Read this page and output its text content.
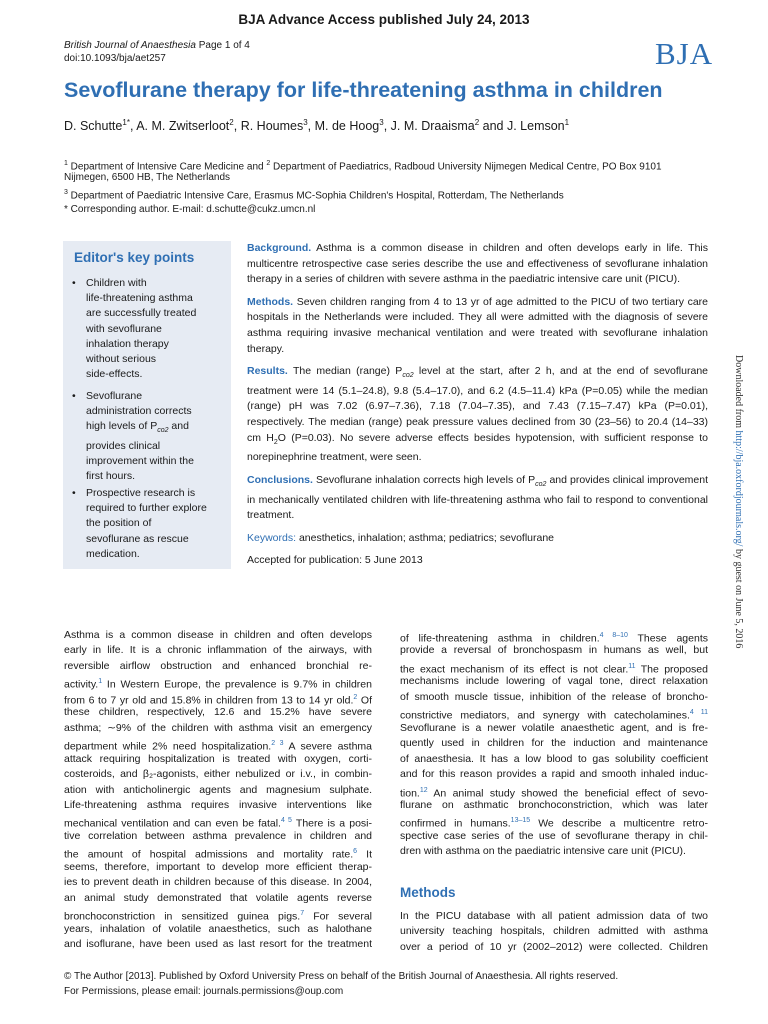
BJA Advance Access published July 24, 2013
British Journal of Anaesthesia Page 1 of 4
doi:10.1093/bja/aet257	BJA
Sevoflurane therapy for life-threatening asthma in children
D. Schutte$^{1*}$, A. M. Zwitserloot$^2$, R. Houmes$^3$, M. de Hoog$^3$, J. M. Draaisma$^2$ and J. Lemson$^1$
$^1$ Department of Intensive Care Medicine and $^2$ Department of Paediatrics, Radboud University Nijmegen Medical Centre, PO Box 9101
Nijmegen, 6500 HB, The Netherlands
$^3$ Department of Paediatric Intensive Care, Erasmus MC-Sophia Children's Hospital, Rotterdam, The Netherlands
* Corresponding author. E-mail: d.schutte@cukz.umcn.nl
Editor's key points
• Children with
life-threatening asthma
are successfully treated
with sevoflurane
inhalation therapy
without serious
side-effects.
• Sevoflurane
administration corrects
high levels of $P_{co2}$ and
provides clinical
improvement within the
first hours.
• Prospective research is
required to further explore
the position of
sevoflurane as rescue
medication.

Background. Asthma is a common disease in children and often develops early in life. This multicentre retrospective case series describe the use and effectiveness of sevoflurane inhalation therapy in a series of children with severe asthma in the paediatric intensive care unit (PICU).

Methods. Seven children ranging from 4 to 13 yr of age admitted to the PICU of two tertiary care hospitals in the Netherlands were included. They all were admitted with the diagnosis of severe asthma requiring invasive mechanical ventilation and were treated with sevoflurane inhalation therapy.

Results. The median (range) $P_{co2}$ level at the start, after 2 h, and at the end of sevoflurane treatment were 14 (5.1–24.8), 9.8 (5.4–17.0), and 6.2 (4.5–11.4) kPa (P=0.05) while the median (range) pH was 7.02 (6.97–7.36), 7.18 (7.04–7.35), and 7.43 (7.15–7.47) kPa (P=0.01), respectively. The median (range) peak pressure values declined from 30 (23–56) to 20.4 (14–33) cm $H_2O$ (P=0.03). No severe adverse effects besides hypotension, with sufficient response to norepinephrine treatment, were seen.

Conclusions. Sevoflurane inhalation corrects high levels of $P_{co2}$ and provides clinical improvement in mechanically ventilated children with life-threatening asthma who fail to respond to conventional treatment.

Keywords: anesthetics, inhalation; asthma; pediatrics; sevoflurane

Accepted for publication: 5 June 2013

Asthma is a common disease in children and often develops
early in life. It is a chronic inflammation of the airways, with
reversible airflow obstruction and enhanced bronchial re-
activity.$^1$ In Western Europe, the prevalence is 9.7% in children
from 6 to 7 yr old and 15.8% in children from 13 to 14 yr old.$^2$ Of
these children, respectively, 12.6 and 15.2% have severe
asthma; ∼9% of the children with asthma visit an emergency
department while 2% need hospitalization.$^{2 3}$ A severe asthma
attack requiring hospitalization is treated with oxygen, corti-
costeroids, and β₂-agonists, either nebulized or i.v., in combin-
ation with anticholinergic agents and magnesium sulphate.
Life-threatening asthma requires invasive interventions like
mechanical ventilation and can even be fatal.$^{4 5}$ There is a posi-
tive correlation between asthma prevalence in children and
the amount of hospital admissions and mortality rate.$^6$ It
seems, therefore, important to develop more efficient therap-
ies to prevent death in children because of this disease. In 2004,
an animal study demonstrated that volatile agents reverse
bronchoconstriction in sensitized guinea pigs.$^7$ For several
years, inhalation of volatile anaesthetics, such as halothane
and isoflurane, have been used as last resort for the treatment
of life-threatening asthma in children.$^{4 8-10}$ These agents
provide a reversal of bronchospasm in humans as well, but
the exact mechanism of its effect is not clear.$^{11}$ The proposed
mechanisms include lowering of vagal tone, direct relaxation
of smooth muscle tissue, inhibition of the release of broncho-
constrictive mediators, and synergy with catecholamines.$^{4 11}$
Sevoflurane is a newer volatile anaesthetic agent, and is fre-
quently used in children for the induction and maintenance
of anaesthesia. It has a low blood to gas solubility coefficient
and for this reason provides a rapid and smooth inhaled induc-
tion.$^{12}$ An animal study showed the beneficial effect of sevo-
flurane on asthmatic bronchoconstriction, which was later
confirmed in humans.$^{13-15}$ We describe a multicentre retro-
spective case series of the use of sevoflurane therapy in chil-
dren with asthma on the paediatric intensive care unit (PICU).
Methods
In the PICU database with all patient admission data of two
university teaching hospitals, children admitted with asthma
over a period of 10 yr (2002–2012) were collected. Children
Downloaded from http://bja.oxfordjournals.org/ by guest on June 5, 2016
© The Author [2013]. Published by Oxford University Press on behalf of the British Journal of Anaesthesia. All rights reserved.
For Permissions, please email: journals.permissions@oup.com
